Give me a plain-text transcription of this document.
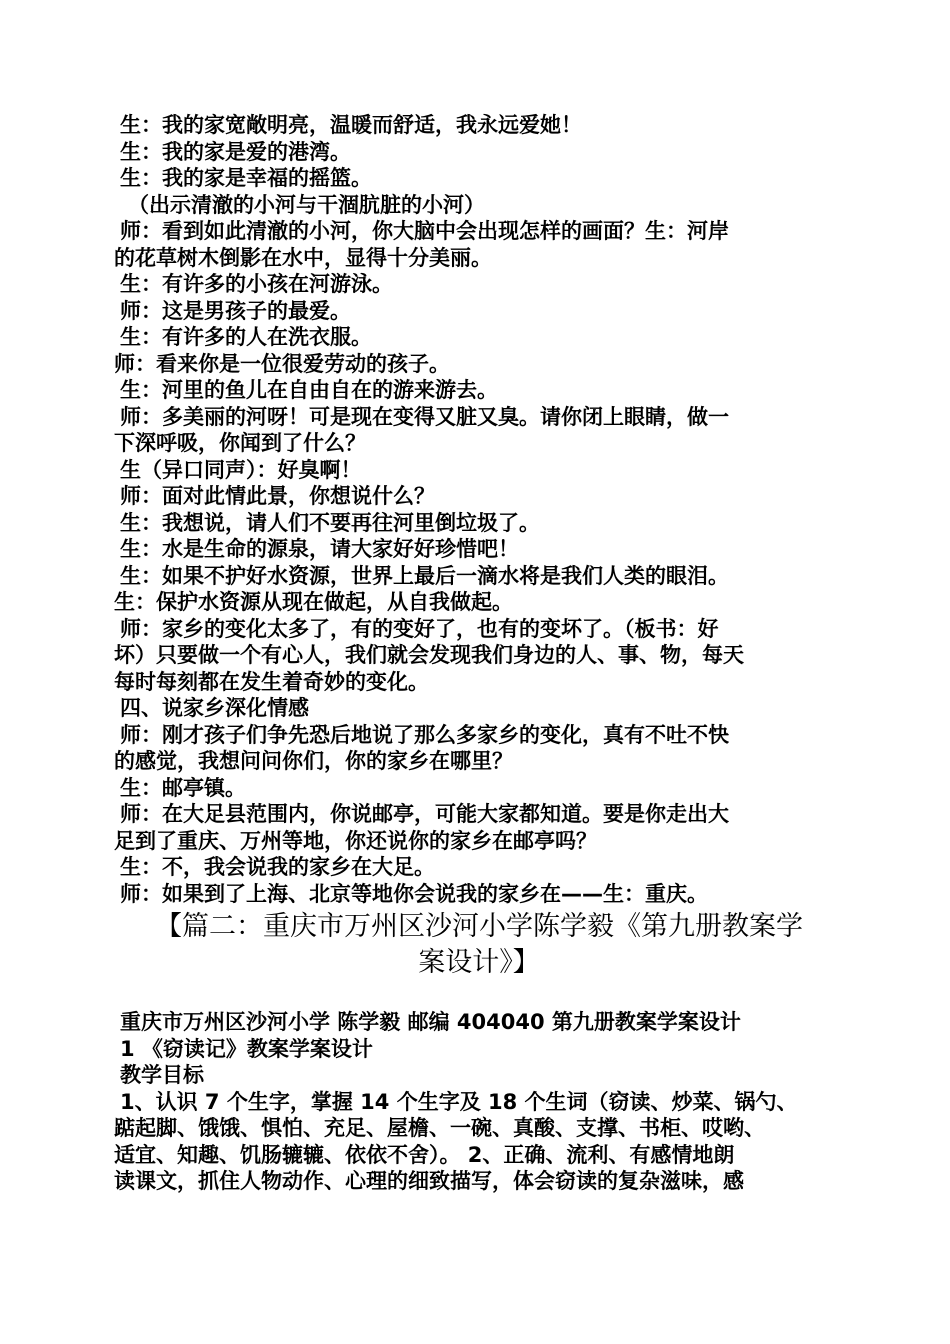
生：我的家宽敞明亮，温暖而舒适，我永远爱她！
生：我的家是爱的港湾。
生：我的家是幸福的摇篮。
（出示清澈的小河与干涸肮脏的小河）
师：看到如此清澈的小河，你大脑中会出现怎样的画面？生：河岸
的花草树木倒影在水中，显得十分美丽。
生：有许多的小孩在河游泳。
师：这是男孩子的最爱。
生：有许多的人在洗衣服。
师：看来你是一位很爱劳动的孩子。
生：河里的鱼儿在自由自在的游来游去。
师：多美丽的河呀！可是现在变得又脏又臭。请你闭上眼睛，做一
下深呼吸，你闻到了什么？
生（异口同声）：好臭啊！
师：面对此情此景，你想说什么？
生：我想说，请人们不要再往河里倒垃圾了。
生：水是生命的源泉，请大家好好珍惜吧！
生：如果不护好水资源，世界上最后一滴水将是我们人类的眼泪。
生：保护水资源从现在做起，从自我做起。
师：家乡的变化太多了，有的变好了，也有的变坏了。（板书：好
坏）只要做一个有心人，我们就会发现我们身边的人、事、物，每天
每时每刻都在发生着奇妙的变化。
四、说家乡深化情感
师：刚才孩子们争先恐后地说了那么多家乡的变化，真有不吐不快
的感觉，我想问问你们，你的家乡在哪里？
生：邮亭镇。
师：在大足县范围内，你说邮亭，可能大家都知道。要是你走出大
足到了重庆、万州等地，你还说你的家乡在邮亭吗？
生：不，我会说我的家乡在大足。
师：如果到了上海、北京等地你会说我的家乡在——生：重庆。
【篇二：重庆市万州区沙河小学陈学毅《第九册教案学
案设计》】
重庆市万州区沙河小学 陈学毅 邮编 404040 第九册教案学案设计
1 《窃读记》教案学案设计
教学目标
1、认识 7 个生字，掌握 14 个生字及 18 个生词（窃读、炒菜、锅勺、
踮起脚、饿饿、惧怕、充足、屋檐、一碗、真酸、支撑、书柜、哎哟、
适宜、知趣、饥肠辘辘、依依不舍）。 2、正确、流利、有感情地朗
读课文，抓住人物动作、心理的细致描写，体会窃读的复杂滋味，感
